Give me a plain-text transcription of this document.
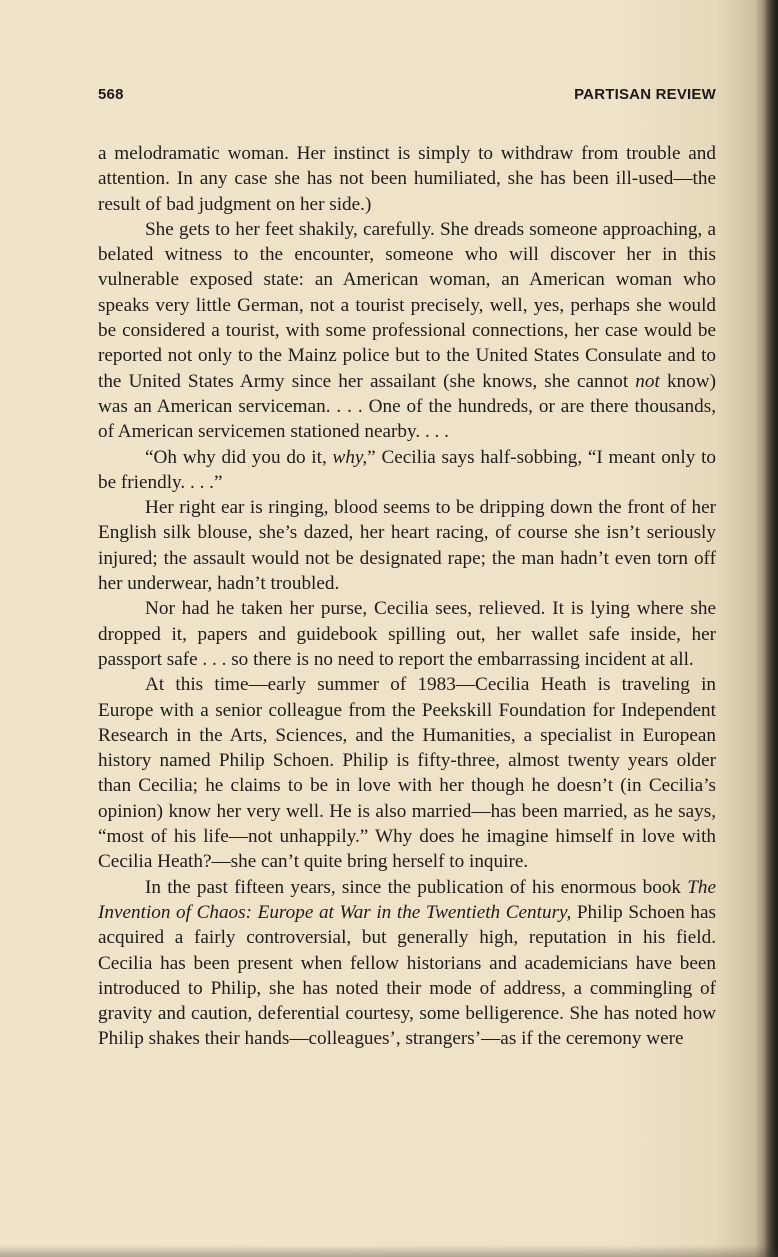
568	PARTISAN REVIEW

a melodramatic woman. Her instinct is simply to withdraw from trouble and attention. In any case she has not been humiliated, she has been ill-used—the result of bad judgment on her side.)

She gets to her feet shakily, carefully. She dreads someone approaching, a belated witness to the encounter, someone who will discover her in this vulnerable exposed state: an American woman, an American woman who speaks very little German, not a tourist precisely, well, yes, perhaps she would be considered a tourist, with some professional connections, her case would be reported not only to the Mainz police but to the United States Consulate and to the United States Army since her assailant (she knows, she cannot not know) was an American serviceman. . . . One of the hundreds, or are there thousands, of American servicemen stationed nearby. . . .

“Oh why did you do it, why,” Cecilia says half-sobbing, “I meant only to be friendly. . . .”

Her right ear is ringing, blood seems to be dripping down the front of her English silk blouse, she’s dazed, her heart racing, of course she isn’t seriously injured; the assault would not be designated rape; the man hadn’t even torn off her underwear, hadn’t troubled.

Nor had he taken her purse, Cecilia sees, relieved. It is lying where she dropped it, papers and guidebook spilling out, her wallet safe inside, her passport safe . . . so there is no need to report the embarrassing incident at all.

At this time—early summer of 1983—Cecilia Heath is traveling in Europe with a senior colleague from the Peekskill Foundation for Independent Research in the Arts, Sciences, and the Humanities, a specialist in European history named Philip Schoen. Philip is fifty-three, almost twenty years older than Cecilia; he claims to be in love with her though he doesn’t (in Cecilia’s opinion) know her very well. He is also married—has been married, as he says, “most of his life—not unhappily.” Why does he imagine himself in love with Cecilia Heath?—she can’t quite bring herself to inquire.

In the past fifteen years, since the publication of his enormous book The Invention of Chaos: Europe at War in the Twentieth Century, Philip Schoen has acquired a fairly controversial, but generally high, reputation in his field. Cecilia has been present when fellow historians and academicians have been introduced to Philip, she has noted their mode of address, a commingling of gravity and caution, deferential courtesy, some belligerence. She has noted how Philip shakes their hands—colleagues’, strangers’—as if the ceremony were
